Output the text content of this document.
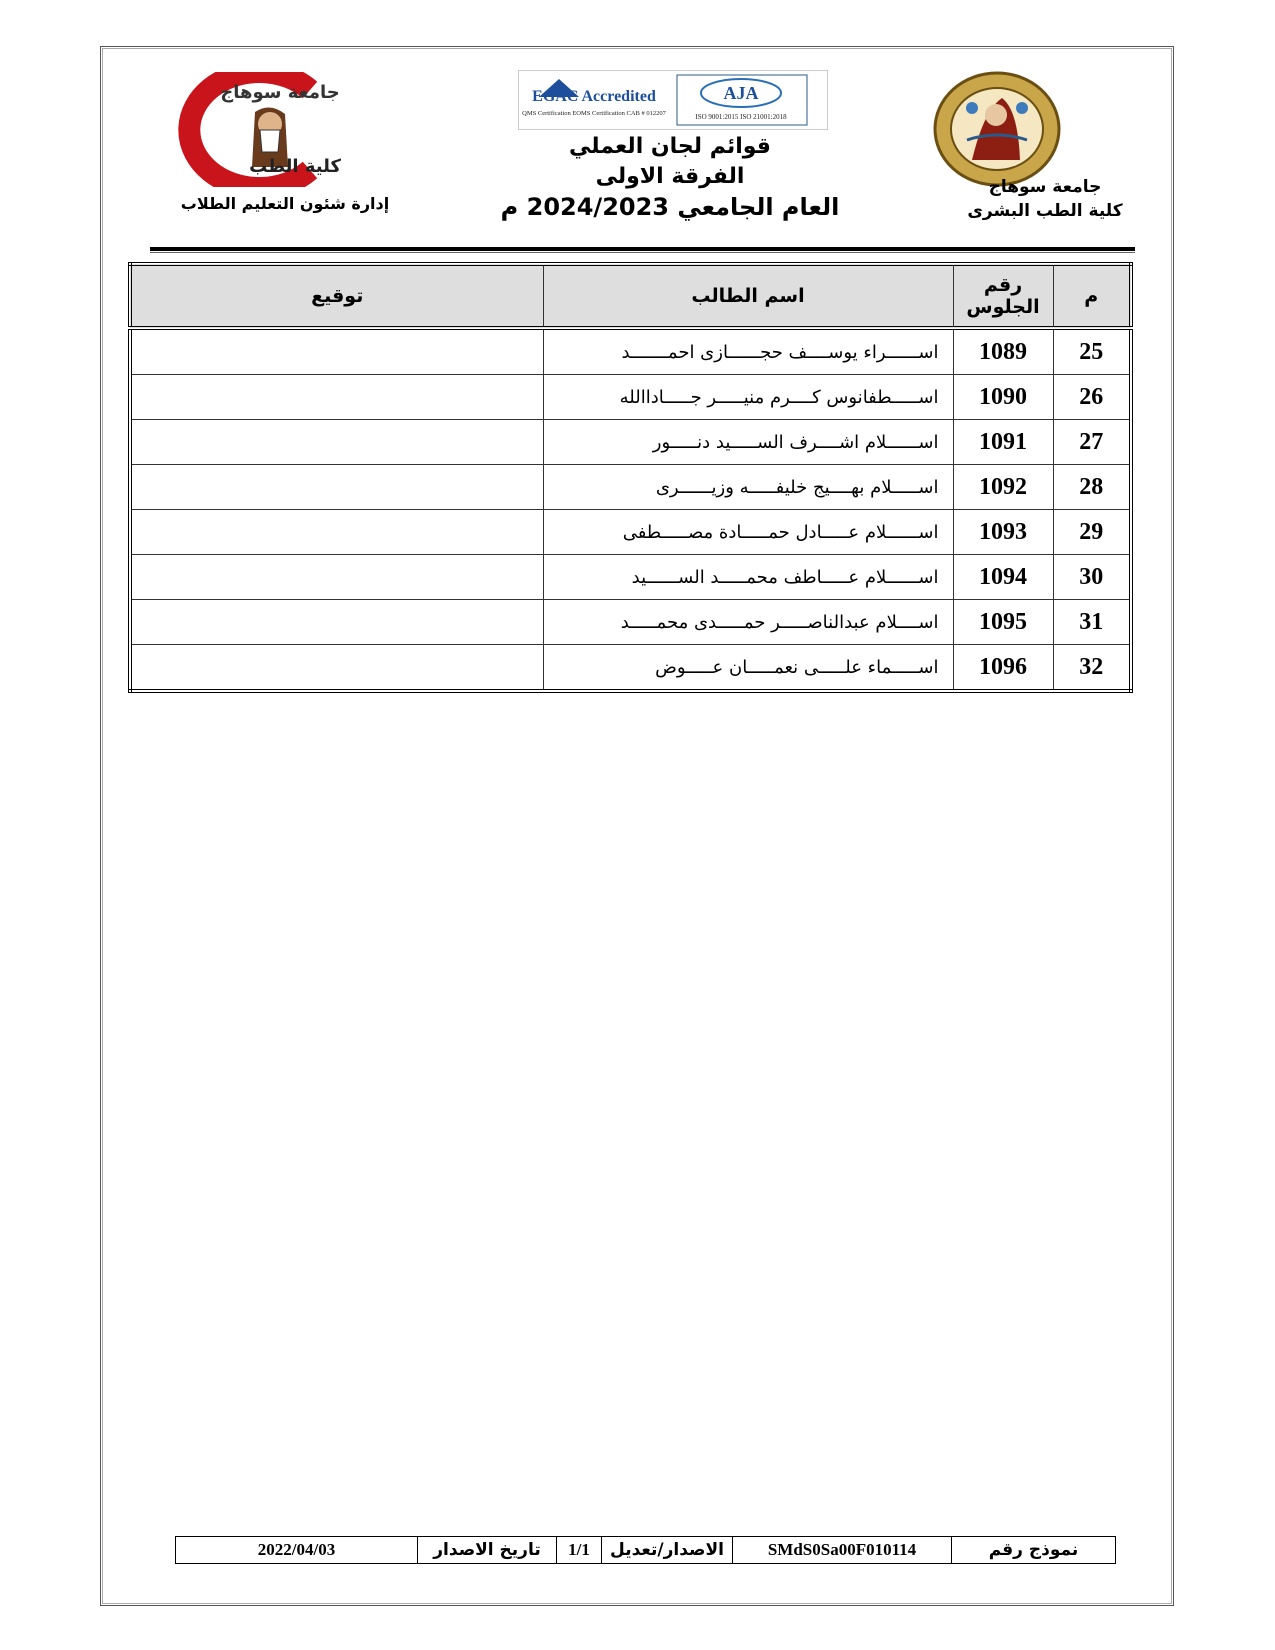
جامعة سوهاج
كلية الطب البشرى
جامعة سوهاج
كلية الطب
إدارة شئون التعليم الطلاب
EGAC Accredited
QMS Certification EOMS Certification CAB # 012207
AJA
ISO 9001:2015 ISO 21001:2018
قوائم لجان العملي
الفرقة الاولى
العام الجامعي 2024/2023 م
م	رقم الجلوس	اسم الطالب	توقيع
25	1089	اســــــراء يوســــف حجــــــازى احمـــــــد	
26	1090	اســـــطفانوس كــــرم منيـــــر جـــــاداالله	
27	1091	اســــــلام اشــــرف الســـــيد دنـــــور	
28	1092	اســـــلام بهــــيج خليفـــــه وزيــــــرى	
29	1093	اســــــلام عـــــادل حمـــــادة مصـــــطفى	
30	1094	اســــــلام عـــــاطف محمـــــد الســــــيد	
31	1095	اســــلام عبدالناصـــــر حمـــــدى محمـــــد	
32	1096	اســـــماء علـــــى نعمـــــان عـــــوض	
نموذج رقم
SMdS0Sa00F010114
الاصدار/تعديل
1/1
تاريخ الاصدار
2022/04/03
